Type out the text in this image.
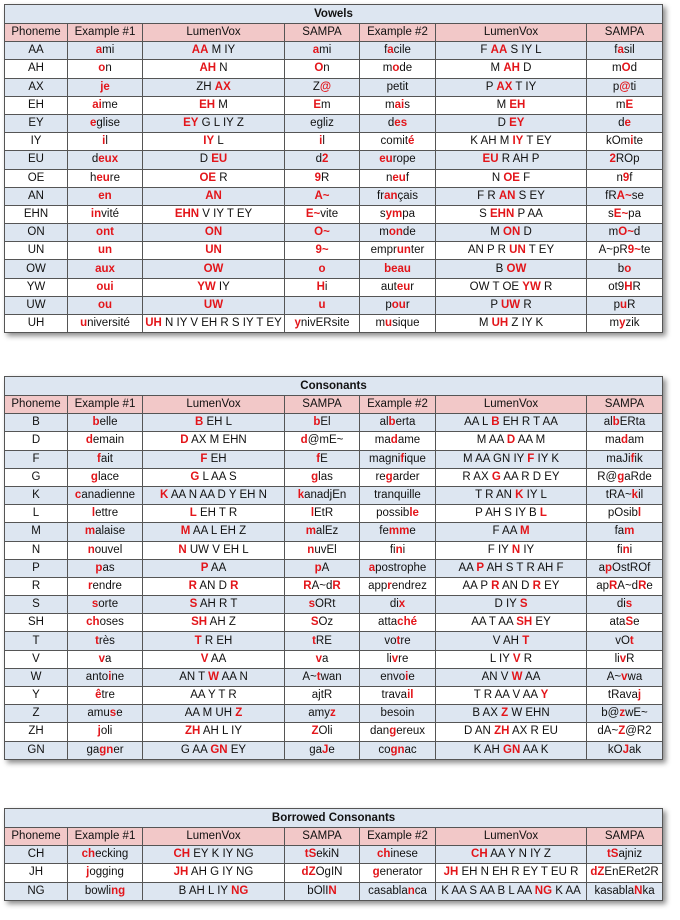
Vowels						
Phoneme	Example #1	LumenVox	SAMPA	Example #2	LumenVox	SAMPA
AA	ami	AA M IY	ami	facile	F AA S IY L	fasil
AH	on	AH N	On	mode	M AH D	mOd
AX	je	ZH AX	Z@	petit	P AX T IY	p@ti
EH	aime	EH M	Em	mais	M EH	mE
EY	eglise	EY G L IY Z	egliz	des	D EY	de
IY	il	IY L	il	comité	K AH M IY T EY	kOmite
EU	deux	D EU	d2	europe	EU R AH P	2ROp
OE	heure	OE R	9R	neuf	N OE F	n9f
AN	en	AN	A~	français	F R AN S EY	fRA~se
EHN	invité	EHN V IY T EY	E~vite	sympa	S EHN P AA	sE~pa
ON	ont	ON	O~	monde	M ON D	mO~d
UN	un	UN	9~	emprunter	AN P R UN T EY	A~pR9~te
OW	aux	OW	o	beau	B OW	bo
YW	oui	YW IY	Hi	auteur	OW T OE YW R	ot9HR
UW	ou	UW	u	pour	P UW R	puR
UH	université	UH N IY V EH R S IY T EY	ynivERsite	musique	M UH Z IY K	myzik
Consonants						
Phoneme	Example #1	LumenVox	SAMPA	Example #2	LumenVox	SAMPA
B	belle	B EH L	bEl	alberta	AA L B EH R T AA	albERta
D	demain	D AX M EHN	d@mE~	madame	M AA D AA M	madam
F	fait	F EH	fE	magnifique	M AA GN IY F IY K	maJifik
G	glace	G L AA S	glas	regarder	R AX G AA R D EY	R@gaRde
K	canadienne	K AA N AA D Y EH N	kanadjEn	tranquille	T R AN K IY L	tRA~kil
L	lettre	L EH T R	lEtR	possible	P AH S IY B L	pOsibl
M	malaise	M AA L EH Z	malEz	femme	F AA M	fam
N	nouvel	N UW V EH L	nuvEl	fini	F IY N IY	fini
P	pas	P AA	pA	apostrophe	AA P AH S T R AH F	apOstROf
R	rendre	R AN D R	RA~dR	apprendrez	AA P R AN D R EY	apRA~dRe
S	sorte	S AH R T	sORt	dix	D IY S	dis
SH	choses	SH AH Z	SOz	attaché	AA T AA SH EY	ataSe
T	très	T R EH	tRE	votre	V AH T	vOt
V	va	V AA	va	livre	L IY V R	livR
W	antoine	AN T W AA N	A~twan	envoie	AN V W AA	A~vwa
Y	être	AA Y T R	ajtR	travail	T R AA V AA Y	tRavaj
Z	amuse	AA M UH Z	amyz	besoin	B AX Z W EHN	b@zwE~
ZH	joli	ZH AH L IY	ZOli	dangereux	D AN ZH AX R EU	dA~Z@R2
GN	gagner	G AA GN EY	gaJe	cognac	K AH GN AA K	kOJak
Borrowed Consonants						
Phoneme	Example #1	LumenVox	SAMPA	Example #2	LumenVox	SAMPA
CH	checking	CH EY K IY NG	tSekiN	chinese	CH AA Y N IY Z	tSajniz
JH	jogging	JH AH G IY NG	dZOgIN	generator	JH EH N EH R EY T EU R	dZEnERet2R
NG	bowling	B AH L IY NG	bOlIN	casablanca	K AA S AA B L AA NG K AA	kasablaNka
